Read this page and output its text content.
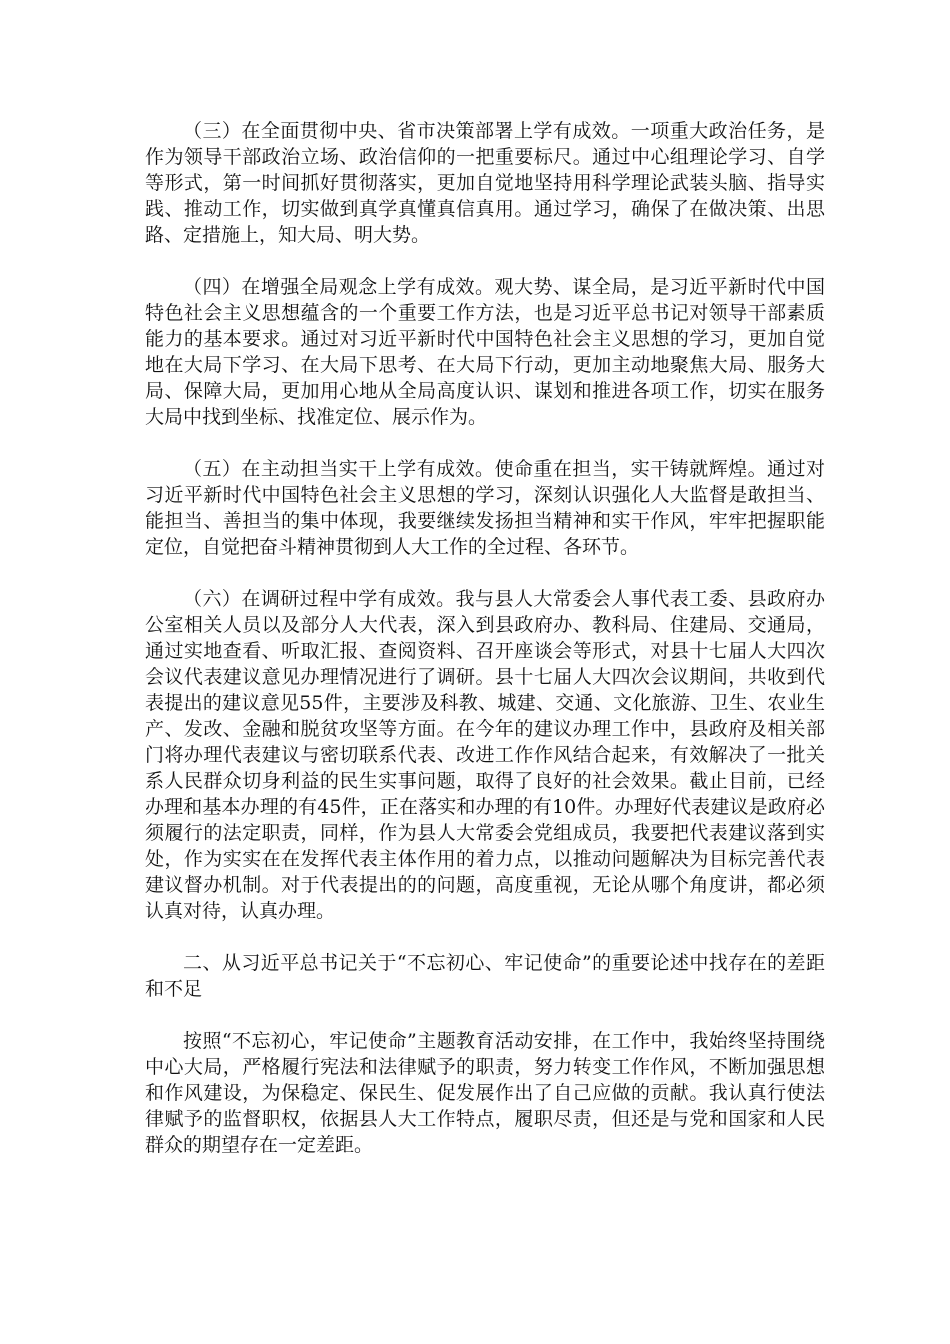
（三）在全面贯彻中央、省市决策部署上学有成效。一项重大政治任务，是作为领导干部政治立场、政治信仰的一把重要标尺。通过中心组理论学习、自学等形式，第一时间抓好贯彻落实，更加自觉地坚持用科学理论武装头脑、指导实践、推动工作，切实做到真学真懂真信真用。通过学习，确保了在做决策、出思路、定措施上，知大局、明大势。

（四）在增强全局观念上学有成效。观大势、谋全局，是习近平新时代中国特色社会主义思想蕴含的一个重要工作方法，也是习近平总书记对领导干部素质能力的基本要求。通过对习近平新时代中国特色社会主义思想的学习，更加自觉地在大局下学习、在大局下思考、在大局下行动，更加主动地聚焦大局、服务大局、保障大局，更加用心地从全局高度认识、谋划和推进各项工作，切实在服务大局中找到坐标、找准定位、展示作为。

（五）在主动担当实干上学有成效。使命重在担当，实干铸就辉煌。通过对习近平新时代中国特色社会主义思想的学习，深刻认识强化人大监督是敢担当、能担当、善担当的集中体现，我要继续发扬担当精神和实干作风，牢牢把握职能定位，自觉把奋斗精神贯彻到人大工作的全过程、各环节。

（六）在调研过程中学有成效。我与县人大常委会人事代表工委、县政府办公室相关人员以及部分人大代表，深入到县政府办、教科局、住建局、交通局，通过实地查看、听取汇报、查阅资料、召开座谈会等形式，对县十七届人大四次会议代表建议意见办理情况进行了调研。县十七届人大四次会议期间，共收到代表提出的建议意见55件，主要涉及科教、城建、交通、文化旅游、卫生、农业生产、发改、金融和脱贫攻坚等方面。在今年的建议办理工作中，县政府及相关部门将办理代表建议与密切联系代表、改进工作作风结合起来，有效解决了一批关系人民群众切身利益的民生实事问题，取得了良好的社会效果。截止目前，已经办理和基本办理的有45件，正在落实和办理的有10件。办理好代表建议是政府必须履行的法定职责，同样，作为县人大常委会党组成员，我要把代表建议落到实处，作为实实在在发挥代表主体作用的着力点，以推动问题解决为目标完善代表建议督办机制。对于代表提出的的问题，高度重视，无论从哪个角度讲，都必须认真对待，认真办理。

二、从习近平总书记关于“不忘初心、牢记使命”的重要论述中找存在的差距和不足

按照“不忘初心，牢记使命”主题教育活动安排，在工作中，我始终坚持围绕中心大局，严格履行宪法和法律赋予的职责，努力转变工作作风，不断加强思想和作风建设，为保稳定、保民生、促发展作出了自己应做的贡献。我认真行使法律赋予的监督职权，依据县人大工作特点，履职尽责，但还是与党和国家和人民群众的期望存在一定差距。
